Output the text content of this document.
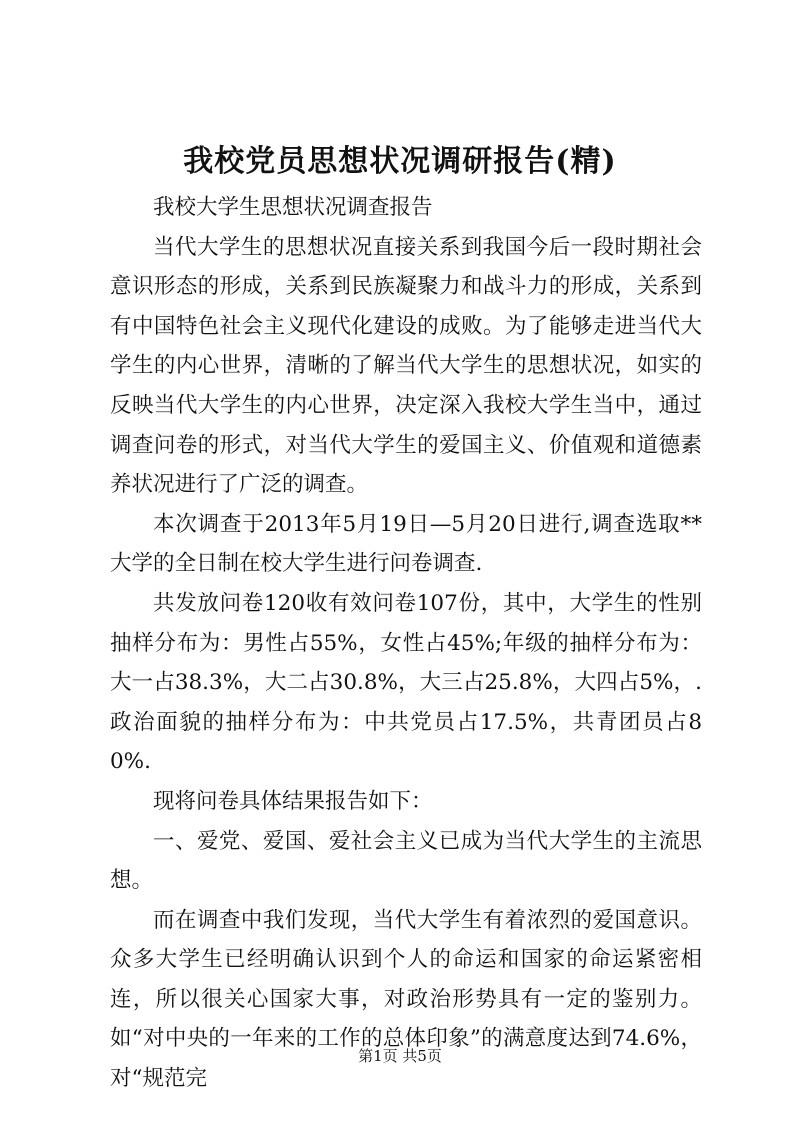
我校党员思想状况调研报告(精)

我校大学生思想状况调查报告

当代大学生的思想状况直接关系到我国今后一段时期社会意识形态的形成，关系到民族凝聚力和战斗力的形成，关系到有中国特色社会主义现代化建设的成败。为了能够走进当代大学生的内心世界，清晰的了解当代大学生的思想状况，如实的反映当代大学生的内心世界，决定深入我校大学生当中，通过调查问卷的形式，对当代大学生的爱国主义、价值观和道德素养状况进行了广泛的调查。

本次调查于2013年5月19日—5月20日进行,调查选取**大学的全日制在校大学生进行问卷调查.

共发放问卷120收有效问卷107份，其中，大学生的性别抽样分布为：男性占55%，女性占45%;年级的抽样分布为：大一占38.3%，大二占30.8%，大三占25.8%，大四占5%，.政治面貌的抽样分布为：中共党员占17.5%，共青团员占80%.

现将问卷具体结果报告如下：

一、爱党、爱国、爱社会主义已成为当代大学生的主流思想。

而在调查中我们发现，当代大学生有着浓烈的爱国意识。众多大学生已经明确认识到个人的命运和国家的命运紧密相连，所以很关心国家大事，对政治形势具有一定的鉴别力。如“对中央的一年来的工作的总体印象”的满意度达到74.6%，对“规范完

第1页 共5页
